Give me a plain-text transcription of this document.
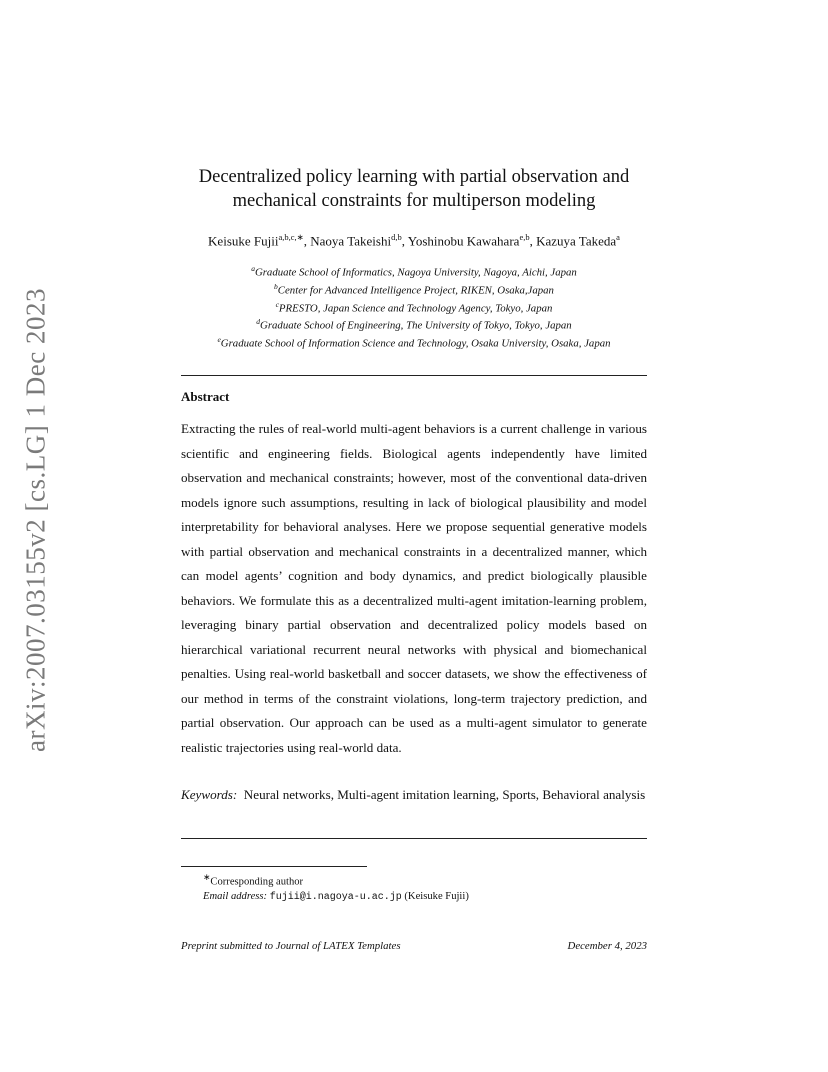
arXiv:2007.03155v2 [cs.LG] 1 Dec 2023
Decentralized policy learning with partial observation and
mechanical constraints for multiperson modeling
Keisuke Fujii$^{a,b,c,∗}$, Naoya Takeishi$^{d,b}$, Yoshinobu Kawahara$^{e,b}$, Kazuya Takeda$^a$
$^a$Graduate School of Informatics, Nagoya University, Nagoya, Aichi, Japan
$^b$Center for Advanced Intelligence Project, RIKEN, Osaka,Japan
$^c$PRESTO, Japan Science and Technology Agency, Tokyo, Japan
$^d$Graduate School of Engineering, The University of Tokyo, Tokyo, Japan
$^e$Graduate School of Information Science and Technology, Osaka University, Osaka, Japan
Abstract
Extracting the rules of real-world multi-agent behaviors is a current challenge in various scientific and engineering fields. Biological agents independently have limited observation and mechanical constraints; however, most of the conventional data-driven models ignore such assumptions, resulting in lack of biological plausibility and model interpretability for behavioral analyses. Here we propose sequential generative models with partial observation and mechanical constraints in a decentralized manner, which can model agents’ cognition and body dynamics, and predict biologically plausible behaviors. We formulate this as a decentralized multi-agent imitation-learning problem, leveraging binary partial observation and decentralized policy models based on hierarchical variational recurrent neural networks with physical and biomechanical penalties. Using real-world basketball and soccer datasets, we show the effectiveness of our method in terms of the constraint violations, long-term trajectory prediction, and partial observation. Our approach can be used as a multi-agent simulator to generate realistic trajectories using real-world data.
Keywords: Neural networks, Multi-agent imitation learning, Sports, Behavioral analysis
∗Corresponding author
Email address: fujii@i.nagoya-u.ac.jp (Keisuke Fujii)
Preprint submitted to Journal of LATEX Templates	December 4, 2023
